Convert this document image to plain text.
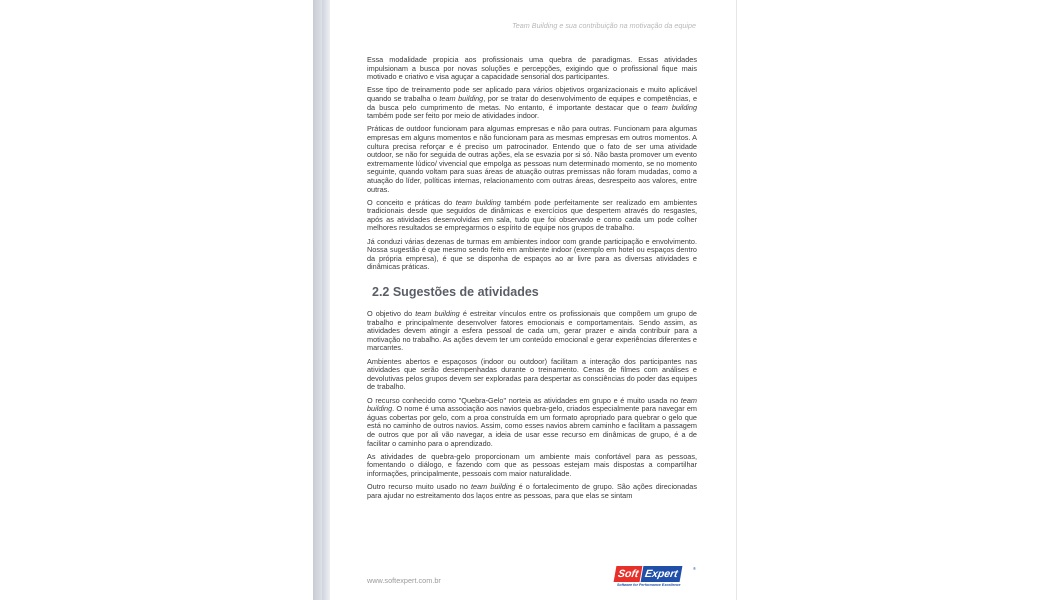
Team Building e sua contribuição na motivação da equipe

Essa modalidade propicia aos profissionais uma quebra de paradigmas. Essas atividades impulsionam a busca por novas soluções e percepções, exigindo que o profissional fique mais motivado e criativo e visa aguçar a capacidade sensorial dos participantes.

Esse tipo de treinamento pode ser aplicado para vários objetivos organizacionais e muito aplicável quando se trabalha o team building, por se tratar do desenvolvimento de equipes e competências, e da busca pelo cumprimento de metas. No entanto, é importante destacar que o team building também pode ser feito por meio de atividades indoor.

Práticas de outdoor funcionam para algumas empresas e não para outras. Funcionam para algumas empresas em alguns momentos e não funcionam para as mesmas empresas em outros momentos. A cultura precisa reforçar e é preciso um patrocinador. Entendo que o fato de ser uma atividade outdoor, se não for seguida de outras ações, ela se esvazia por si só. Não basta promover um evento extremamente lúdico/ vivencial que empolga as pessoas num determinado momento, se no momento seguinte, quando voltam para suas áreas de atuação outras premissas não foram mudadas, como a atuação do líder, políticas internas, relacionamento com outras áreas, desrespeito aos valores, entre outras.

O conceito e práticas do team building também pode perfeitamente ser realizado em ambientes tradicionais desde que seguidos de dinâmicas e exercícios que despertem através do resgastes, após as atividades desenvolvidas em sala, tudo que foi observado e como cada um pode colher melhores resultados se empregarmos o espírito de equipe nos grupos de trabalho.

Já conduzi várias dezenas de turmas em ambientes indoor com grande participação e envolvimento. Nossa sugestão é que mesmo sendo feito em ambiente indoor (exemplo em hotel ou espaços dentro da própria empresa), é que se disponha de espaços ao ar livre para as diversas atividades e dinâmicas práticas.

2.2 Sugestões de atividades

O objetivo do team building é estreitar vínculos entre os profissionais que compõem um grupo de trabalho e principalmente desenvolver fatores emocionais e comportamentais. Sendo assim, as atividades devem atingir a esfera pessoal de cada um, gerar prazer e ainda contribuir para a motivação no trabalho. As ações devem ter um conteúdo emocional e gerar experiências diferentes e marcantes.

Ambientes abertos e espaçosos (indoor ou outdoor) facilitam a interação dos participantes nas atividades que serão desempenhadas durante o treinamento. Cenas de filmes com análises e devolutivas pelos grupos devem ser exploradas para despertar as consciências do poder das equipes de trabalho.

O recurso conhecido como "Quebra-Gelo" norteia as atividades em grupo e é muito usada no team building. O nome é uma associação aos navios quebra-gelo, criados especialmente para navegar em águas cobertas por gelo, com a proa construída em um formato apropriado para quebrar o gelo que está no caminho de outros navios. Assim, como esses navios abrem caminho e facilitam a passagem de outros que por ali vão navegar, a ideia de usar esse recurso em dinâmicas de grupo, é a de facilitar o caminho para o aprendizado.

As atividades de quebra-gelo proporcionam um ambiente mais confortável para as pessoas, fomentando o diálogo, e fazendo com que as pessoas estejam mais dispostas a compartilhar informações, principalmente, pessoais com maior naturalidade.

Outro recurso muito usado no team building é o fortalecimento de grupo. São ações direcionadas para ajudar no estreitamento dos laços entre as pessoas, para que elas se sintam

www.softexpert.com.br
Soft Expert	®
Software for Performance Excellence
